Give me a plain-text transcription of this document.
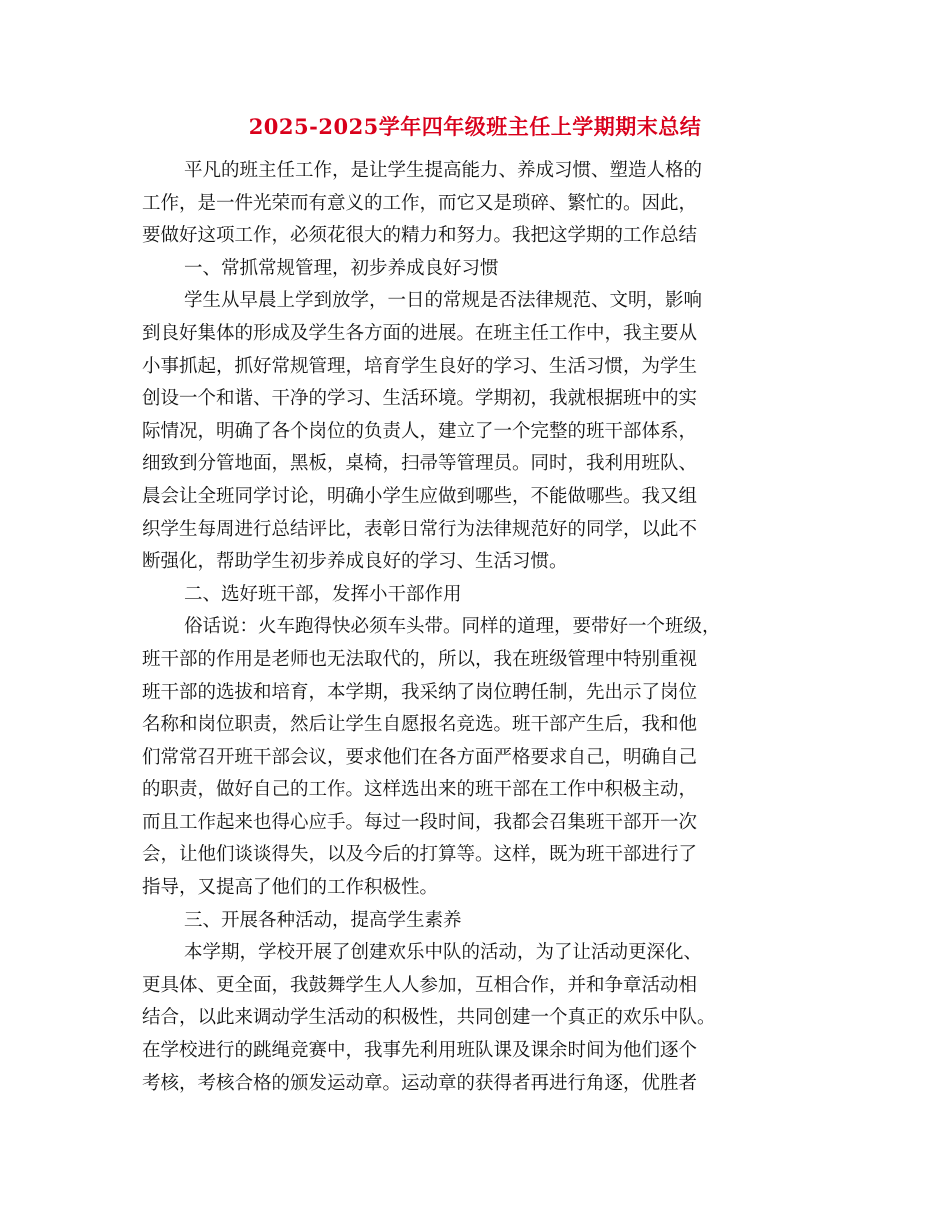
2025-2025学年四年级班主任上学期期末总结
平凡的班主任工作，是让学生提高能力、养成习惯、塑造人格的
工作，是一件光荣而有意义的工作，而它又是琐碎、繁忙的。因此，
要做好这项工作，必须花很大的精力和努力。我把这学期的工作总结
一、常抓常规管理，初步养成良好习惯
学生从早晨上学到放学，一日的常规是否法律规范、文明，影响
到良好集体的形成及学生各方面的进展。在班主任工作中，我主要从
小事抓起，抓好常规管理，培育学生良好的学习、生活习惯，为学生
创设一个和谐、干净的学习、生活环境。学期初，我就根据班中的实
际情况，明确了各个岗位的负责人，建立了一个完整的班干部体系，
细致到分管地面，黑板，桌椅，扫帚等管理员。同时，我利用班队、
晨会让全班同学讨论，明确小学生应做到哪些，不能做哪些。我又组
织学生每周进行总结评比，表彰日常行为法律规范好的同学，以此不
断强化，帮助学生初步养成良好的学习、生活习惯。
二、选好班干部，发挥小干部作用
俗话说：火车跑得快必须车头带。同样的道理，要带好一个班级，
班干部的作用是老师也无法取代的，所以，我在班级管理中特别重视
班干部的选拔和培育，本学期，我采纳了岗位聘任制，先出示了岗位
名称和岗位职责，然后让学生自愿报名竞选。班干部产生后，我和他
们常常召开班干部会议，要求他们在各方面严格要求自己，明确自己
的职责，做好自己的工作。这样选出来的班干部在工作中积极主动，
而且工作起来也得心应手。每过一段时间，我都会召集班干部开一次
会，让他们谈谈得失，以及今后的打算等。这样，既为班干部进行了
指导，又提高了他们的工作积极性。
三、开展各种活动，提高学生素养
本学期，学校开展了创建欢乐中队的活动，为了让活动更深化、
更具体、更全面，我鼓舞学生人人参加，互相合作，并和争章活动相
结合，以此来调动学生活动的积极性，共同创建一个真正的欢乐中队。
在学校进行的跳绳竞赛中，我事先利用班队课及课余时间为他们逐个
考核，考核合格的颁发运动章。运动章的获得者再进行角逐，优胜者
